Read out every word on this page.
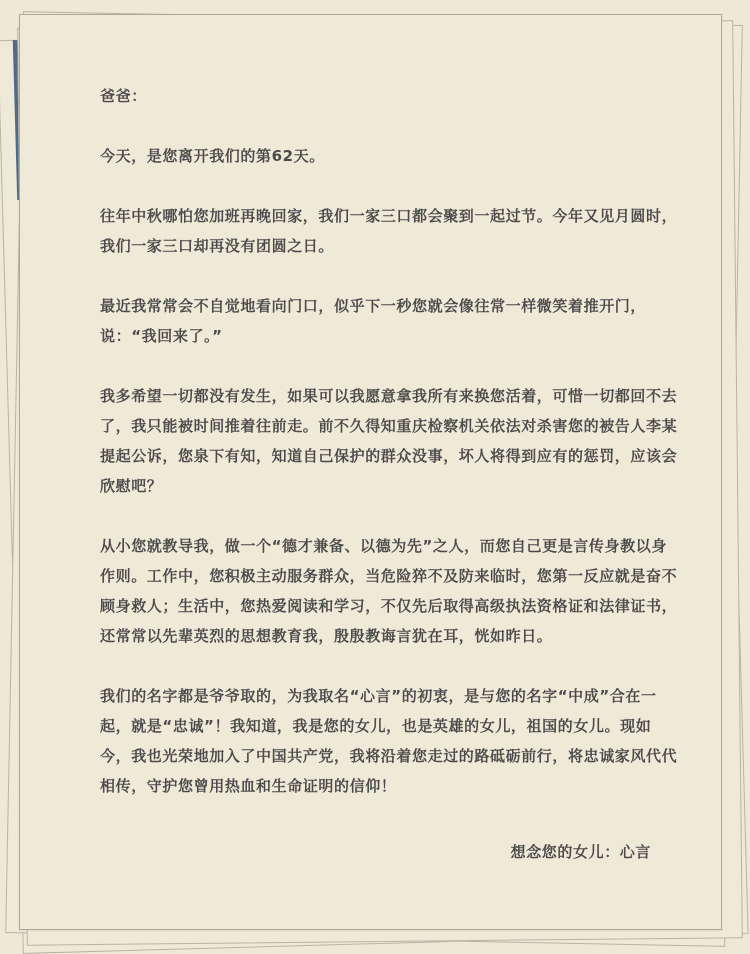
爸爸：

今天，是您离开我们的第62天。

往年中秋哪怕您加班再晚回家，我们一家三口都会聚到一起过节。今年又见月圆时，我们一家三口却再没有团圆之日。

最近我常常会不自觉地看向门口，似乎下一秒您就会像往常一样微笑着推开门，说：“我回来了。”

我多希望一切都没有发生，如果可以我愿意拿我所有来换您活着，可惜一切都回不去了，我只能被时间推着往前走。前不久得知重庆检察机关依法对杀害您的被告人李某提起公诉，您泉下有知，知道自己保护的群众没事，坏人将得到应有的惩罚，应该会欣慰吧？

从小您就教导我，做一个“德才兼备、以德为先”之人，而您自己更是言传身教以身作则。工作中，您积极主动服务群众，当危险猝不及防来临时，您第一反应就是奋不顾身救人；生活中，您热爱阅读和学习，不仅先后取得高级执法资格证和法律证书，还常常以先辈英烈的思想教育我，殷殷教诲言犹在耳，恍如昨日。

我们的名字都是爷爷取的，为我取名“心言”的初衷，是与您的名字“中成”合在一起，就是“忠诚”！我知道，我是您的女儿，也是英雄的女儿，祖国的女儿。现如今，我也光荣地加入了中国共产党，我将沿着您走过的路砥砺前行，将忠诚家风代代相传，守护您曾用热血和生命证明的信仰！

想念您的女儿：心言
